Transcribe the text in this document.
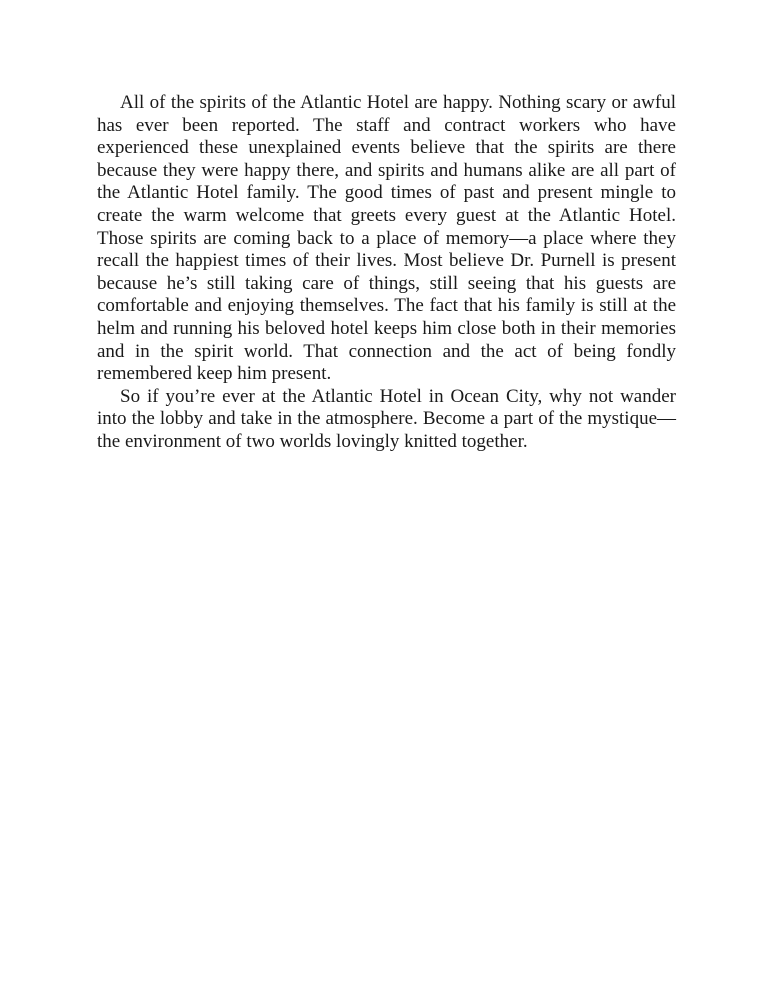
All of the spirits of the Atlantic Hotel are happy. Nothing scary or awful has ever been reported. The staff and contract workers who have experienced these unexplained events believe that the spirits are there because they were happy there, and spirits and humans alike are all part of the Atlantic Hotel family. The good times of past and present mingle to create the warm welcome that greets every guest at the Atlantic Hotel. Those spirits are coming back to a place of memory—a place where they recall the happiest times of their lives. Most believe Dr. Purnell is present because he’s still taking care of things, still seeing that his guests are comfortable and enjoying themselves. The fact that his family is still at the helm and running his beloved hotel keeps him close both in their memories and in the spirit world. That connection and the act of being fondly remembered keep him present.

So if you’re ever at the Atlantic Hotel in Ocean City, why not wander into the lobby and take in the atmosphere. Become a part of the mystique—the environment of two worlds lovingly knitted together.
